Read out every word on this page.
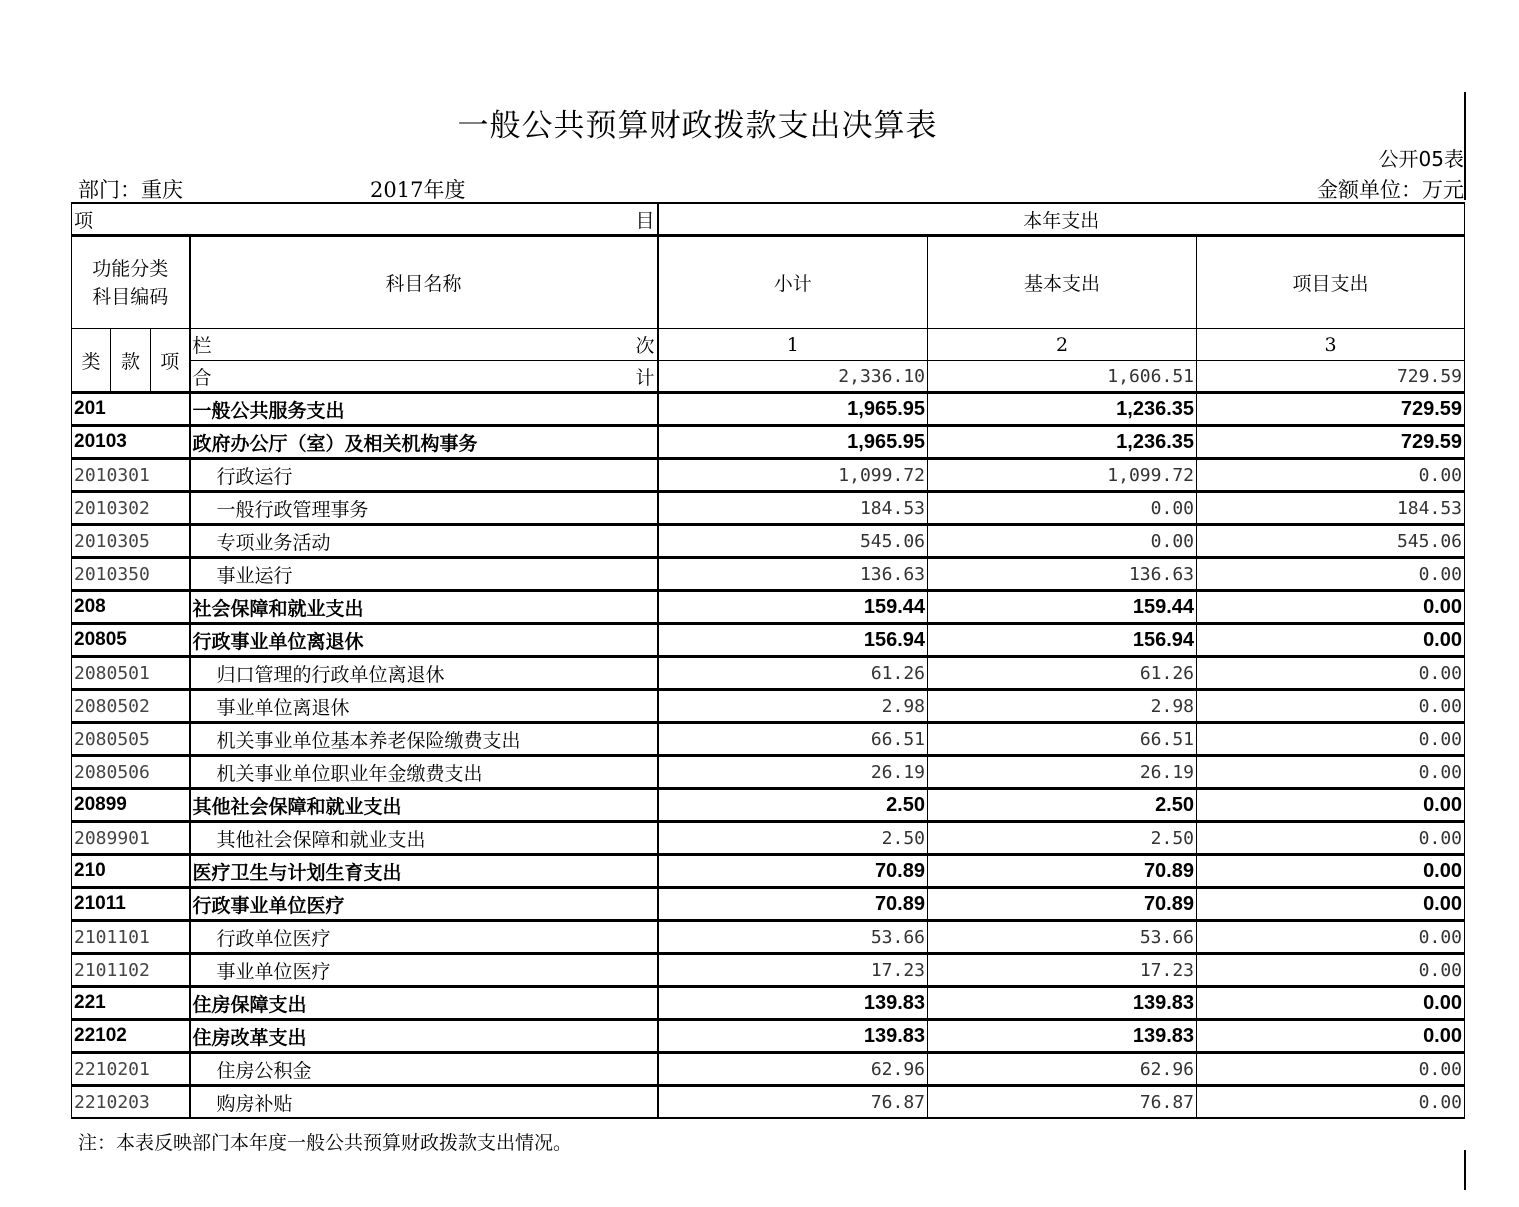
一般公共预算财政拨款支出决算表
公开05表
部门：重庆	2017年度	金额单位：万元
项 目				本年支出		
功能分类科目编码			科目名称	小计	基本支出	项目支出
类	款	项	栏 次	1	2	3

			合 计	2,336.10	1,606.51	729.59
201			一般公共服务支出	1,965.95	1,236.35	729.59
20103			政府办公厅（室）及相关机构事务	1,965.95	1,236.35	729.59
2010301			行政运行	1,099.72	1,099.72	0.00
2010302			一般行政管理事务	184.53	0.00	184.53
2010305			专项业务活动	545.06	0.00	545.06
2010350			事业运行	136.63	136.63	0.00
208			社会保障和就业支出	159.44	159.44	0.00
20805			行政事业单位离退休	156.94	156.94	0.00
2080501			归口管理的行政单位离退休	61.26	61.26	0.00
2080502			事业单位离退休	2.98	2.98	0.00
2080505			机关事业单位基本养老保险缴费支出	66.51	66.51	0.00
2080506			机关事业单位职业年金缴费支出	26.19	26.19	0.00
20899			其他社会保障和就业支出	2.50	2.50	0.00
2089901			其他社会保障和就业支出	2.50	2.50	0.00
210			医疗卫生与计划生育支出	70.89	70.89	0.00
21011			行政事业单位医疗	70.89	70.89	0.00
2101101			行政单位医疗	53.66	53.66	0.00
2101102			事业单位医疗	17.23	17.23	0.00
221			住房保障支出	139.83	139.83	0.00
22102			住房改革支出	139.83	139.83	0.00
2210201			住房公积金	62.96	62.96	0.00
2210203			购房补贴	76.87	76.87	0.00
注：本表反映部门本年度一般公共预算财政拨款支出情况。
